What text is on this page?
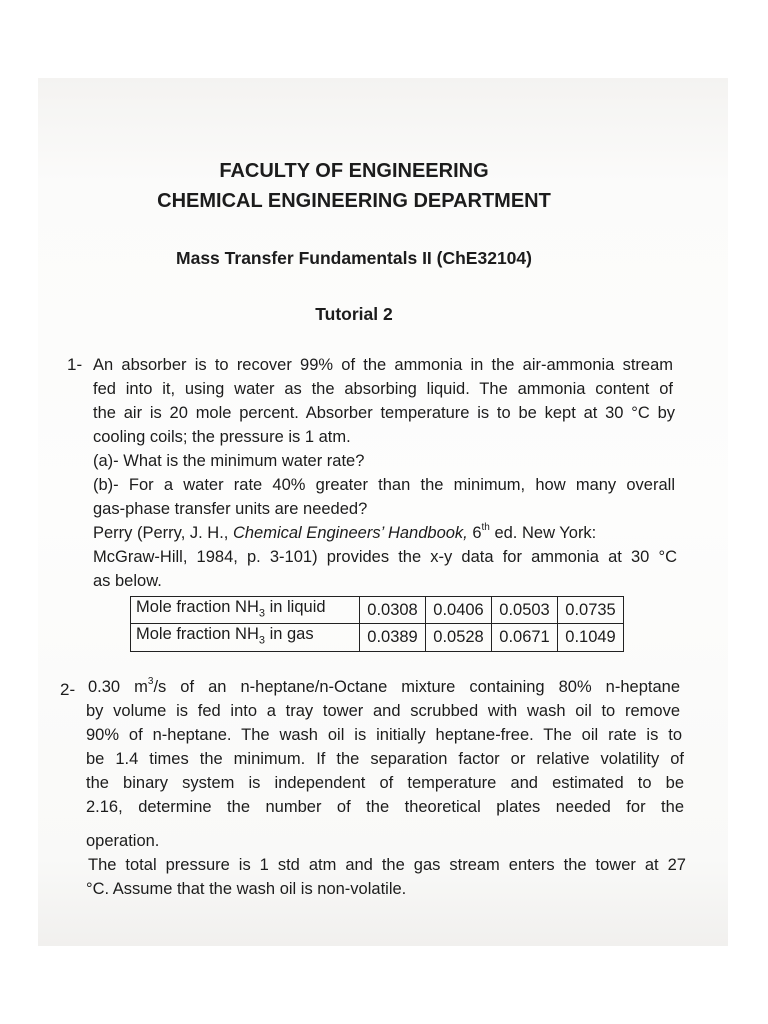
FACULTY OF ENGINEERING

CHEMICAL ENGINEERING DEPARTMENT

Mass Transfer Fundamentals II (ChE32104)

Tutorial 2

1- An absorber is to recover 99% of the ammonia in the air-ammonia stream

fed into it, using water as the absorbing liquid. The ammonia content of

the air is 20 mole percent. Absorber temperature is to be kept at 30 °C by

cooling coils; the pressure is 1 atm.

(a)- What is the minimum water rate?

(b)- For a water rate 40% greater than the minimum, how many overall

gas-phase transfer units are needed?

Perry (Perry, J. H., Chemical Engineers’ Handbook, 6th ed. New York:

McGraw-Hill, 1984, p. 3-101) provides the x-y data for ammonia at 30 °C

as below.

Mole fraction $NH_3$ in liquid	0.0308	0.0406	0.0503	0.0735
Mole fraction $NH_3$ in gas	0.0389	0.0528	0.0671	0.1049

2- 0.30 $m^3/s$ of an n-heptane/n-Octane mixture containing 80% n-heptane

by volume is fed into a tray tower and scrubbed with wash oil to remove

90% of n-heptane. The wash oil is initially heptane-free. The oil rate is to

be 1.4 times the minimum. If the separation factor or relative volatility of

the binary system is independent of temperature and estimated to be

2.16, determine the number of the theoretical plates needed for the

operation.

The total pressure is 1 std atm and the gas stream enters the tower at 27

°C. Assume that the wash oil is non-volatile.
